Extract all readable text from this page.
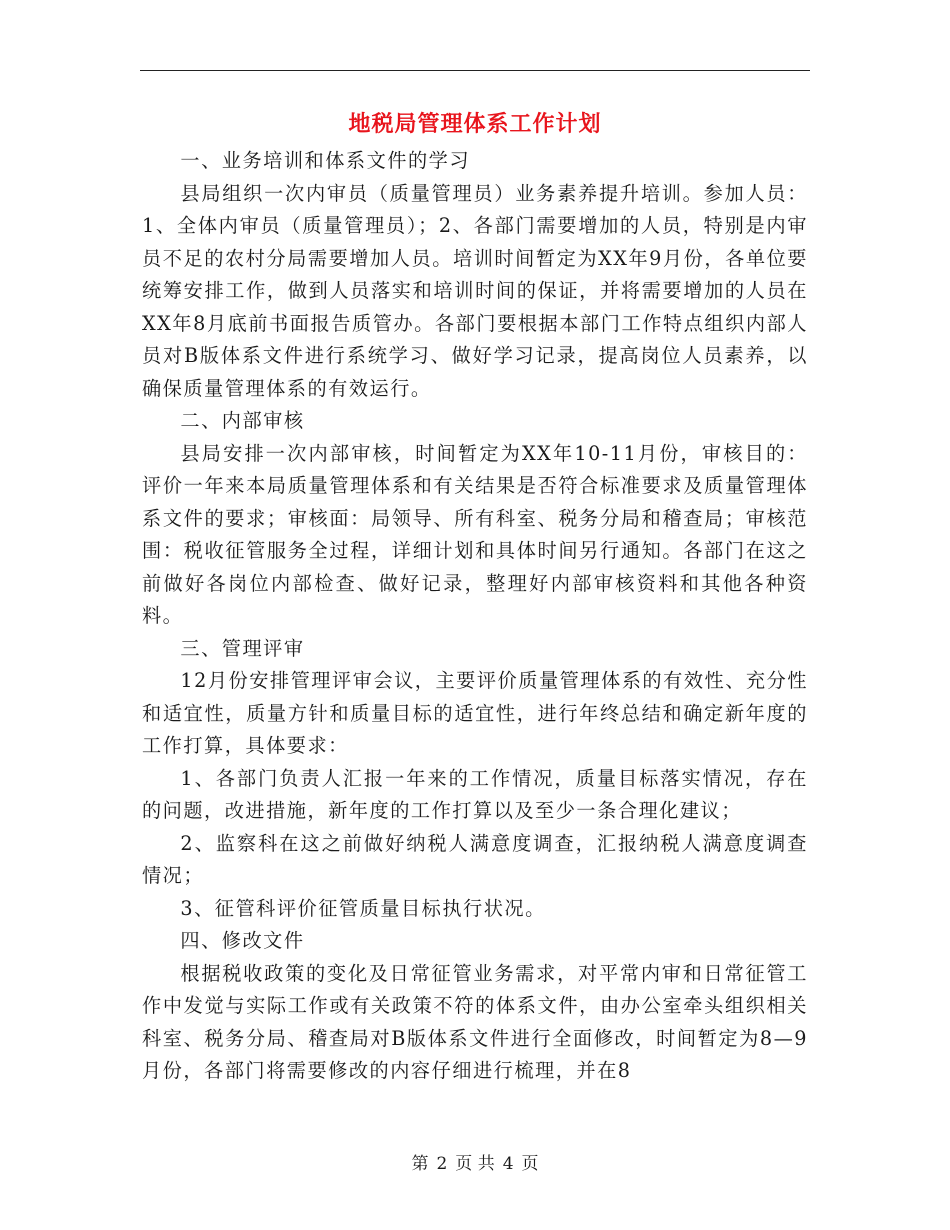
地税局管理体系工作计划

一、业务培训和体系文件的学习

县局组织一次内审员（质量管理员）业务素养提升培训。参加人员：1、全体内审员（质量管理员）；2、各部门需要增加的人员，特别是内审员不足的农村分局需要增加人员。培训时间暂定为XX年9月份，各单位要统筹安排工作，做到人员落实和培训时间的保证，并将需要增加的人员在XX年8月底前书面报告质管办。各部门要根据本部门工作特点组织内部人员对B版体系文件进行系统学习、做好学习记录，提高岗位人员素养，以确保质量管理体系的有效运行。

二、内部审核

县局安排一次内部审核，时间暂定为XX年10-11月份，审核目的：评价一年来本局质量管理体系和有关结果是否符合标准要求及质量管理体系文件的要求；审核面：局领导、所有科室、税务分局和稽查局；审核范围：税收征管服务全过程，详细计划和具体时间另行通知。各部门在这之前做好各岗位内部检查、做好记录，整理好内部审核资料和其他各种资料。

三、管理评审

12月份安排管理评审会议，主要评价质量管理体系的有效性、充分性和适宜性，质量方针和质量目标的适宜性，进行年终总结和确定新年度的工作打算，具体要求：

1、各部门负责人汇报一年来的工作情况，质量目标落实情况，存在的问题，改进措施，新年度的工作打算以及至少一条合理化建议；

2、监察科在这之前做好纳税人满意度调查，汇报纳税人满意度调查情况；

3、征管科评价征管质量目标执行状况。

四、修改文件

根据税收政策的变化及日常征管业务需求，对平常内审和日常征管工作中发觉与实际工作或有关政策不符的体系文件，由办公室牵头组织相关科室、税务分局、稽查局对B版体系文件进行全面修改，时间暂定为8—9月份，各部门将需要修改的内容仔细进行梳理，并在8

第 2 页 共 4 页
